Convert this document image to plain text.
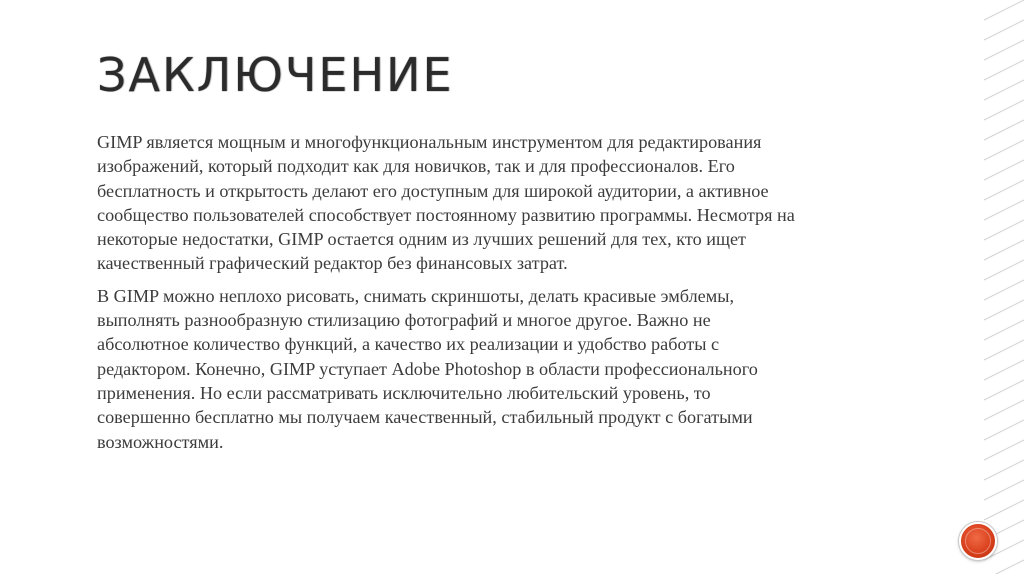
ЗАКЛЮЧЕНИЕ

GIMP является мощным и многофункциональным инструментом для редактирования
изображений, который подходит как для новичков, так и для профессионалов. Его
бесплатность и открытость делают его доступным для широкой аудитории, а активное
сообщество пользователей способствует постоянному развитию программы. Несмотря на
некоторые недостатки, GIMP остается одним из лучших решений для тех, кто ищет
качественный графический редактор без финансовых затрат.

В GIMP можно неплохо рисовать, снимать скриншоты, делать красивые эмблемы,
выполнять разнообразную стилизацию фотографий и многое другое. Важно не
абсолютное количество функций, а качество их реализации и удобство работы с
редактором. Конечно, GIMP уступает Adobe Photoshop в области профессионального
применения. Но если рассматривать исключительно любительский уровень, то
совершенно бесплатно мы получаем качественный, стабильный продукт с богатыми
возможностями.
